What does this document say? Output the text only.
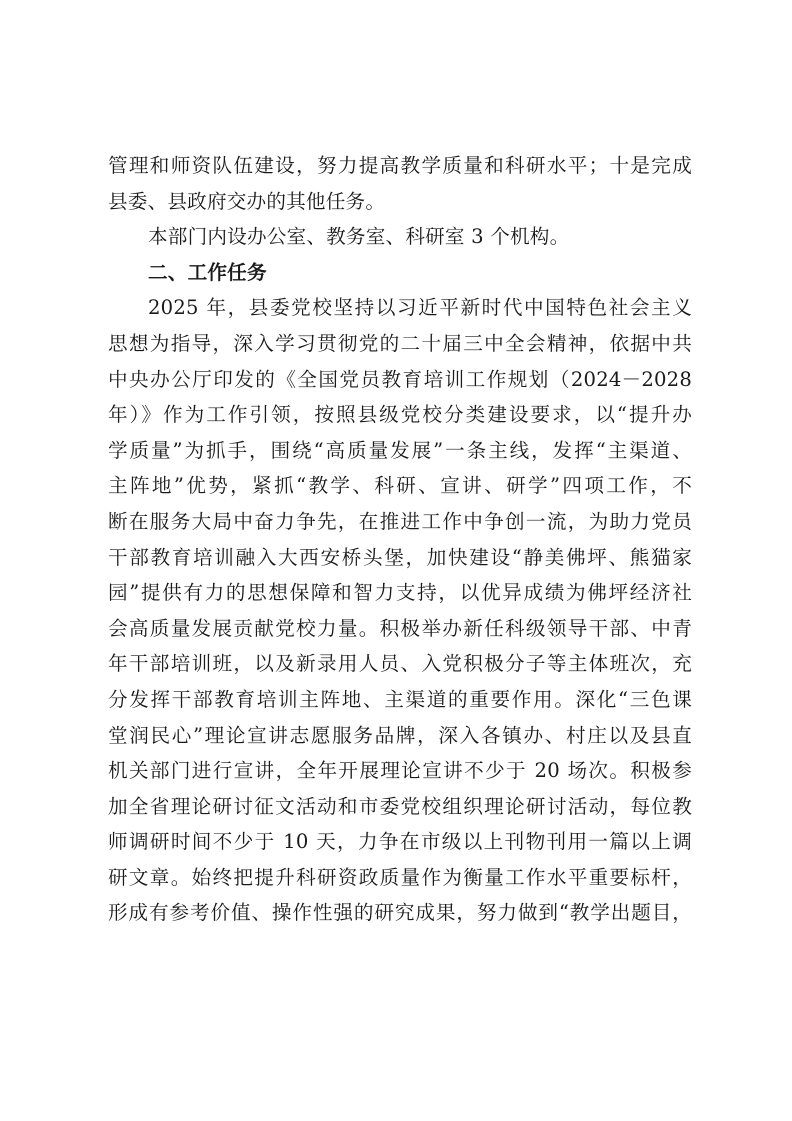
管理和师资队伍建设，努力提高教学质量和科研水平；十是完成
县委、县政府交办的其他任务。
本部门内设办公室、教务室、科研室 3 个机构。
二、工作任务
2025 年，县委党校坚持以习近平新时代中国特色社会主义
思想为指导，深入学习贯彻党的二十届三中全会精神，依据中共
中央办公厅印发的《全国党员教育培训工作规划（2024－2028
年）》作为工作引领，按照县级党校分类建设要求，以“提升办
学质量”为抓手，围绕“高质量发展”一条主线，发挥“主渠道、
主阵地”优势，紧抓“教学、科研、宣讲、研学”四项工作，不
断在服务大局中奋力争先，在推进工作中争创一流，为助力党员
干部教育培训融入大西安桥头堡，加快建设“静美佛坪、熊猫家
园”提供有力的思想保障和智力支持，以优异成绩为佛坪经济社
会高质量发展贡献党校力量。积极举办新任科级领导干部、中青
年干部培训班，以及新录用人员、入党积极分子等主体班次，充
分发挥干部教育培训主阵地、主渠道的重要作用。深化“三色课
堂润民心”理论宣讲志愿服务品牌，深入各镇办、村庄以及县直
机关部门进行宣讲，全年开展理论宣讲不少于 20 场次。积极参
加全省理论研讨征文活动和市委党校组织理论研讨活动，每位教
师调研时间不少于 10 天，力争在市级以上刊物刊用一篇以上调
研文章。始终把提升科研资政质量作为衡量工作水平重要标杆，
形成有参考价值、操作性强的研究成果，努力做到“教学出题目，
